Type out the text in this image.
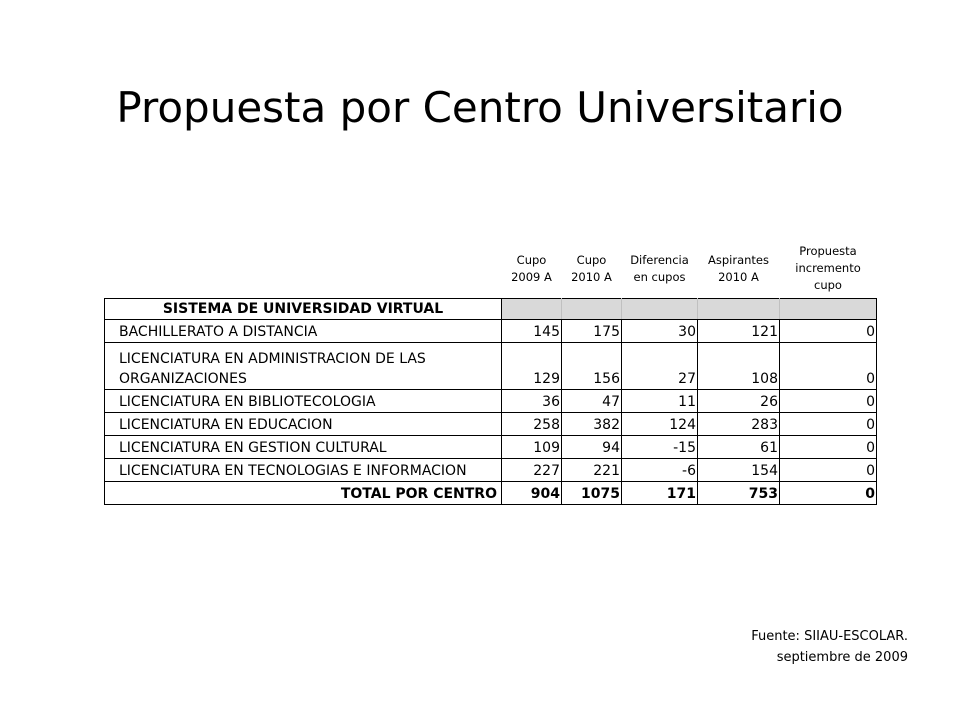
Propuesta por Centro Universitario
	Cupo 2009 A	Cupo 2010 A	Diferencia en cupos	Aspirantes 2010 A	Propuesta incremento cupo
SISTEMA DE UNIVERSIDAD VIRTUAL					
BACHILLERATO A DISTANCIA	145	175	30	121	0
LICENCIATURA EN ADMINISTRACION DE LAS ORGANIZACIONES	129	156	27	108	0
LICENCIATURA EN BIBLIOTECOLOGIA	36	47	11	26	0
LICENCIATURA EN EDUCACION	258	382	124	283	0
LICENCIATURA EN GESTION CULTURAL	109	94	-15	61	0
LICENCIATURA EN TECNOLOGIAS E INFORMACION	227	221	-6	154	0
TOTAL POR CENTRO	904	1075	171	753	0
Fuente: SIIAU-ESCOLAR.
septiembre de 2009
